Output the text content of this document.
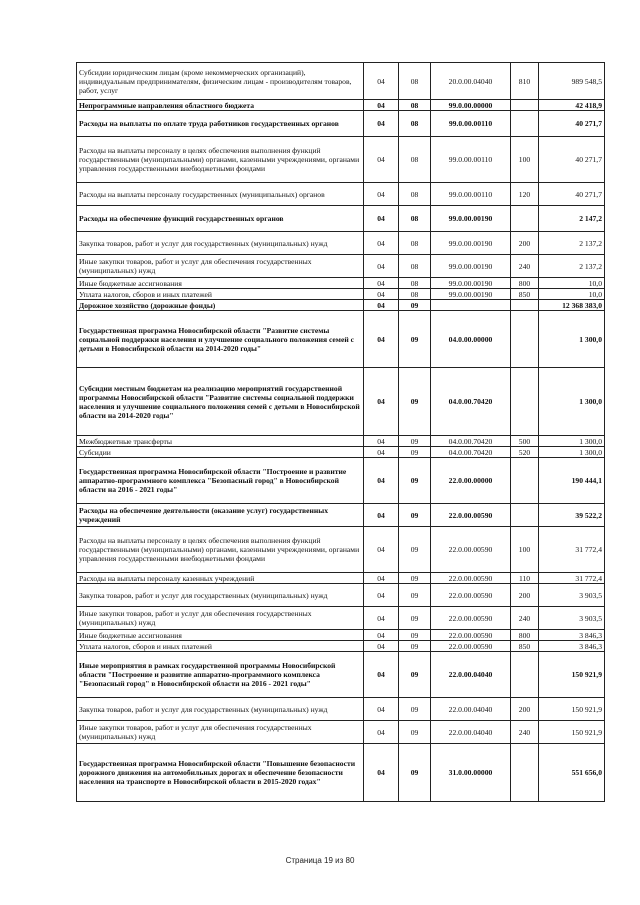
Субсидии юридическим лицам (кроме некоммерческих организаций), индивидуальным предпринимателям, физическим лицам - производителям товаров, работ, услуг	04	08	20.0.00.04040	810	989 548,5
Непрограммные направления областного бюджета	04	08	99.0.00.00000		42 418,9
Расходы на выплаты по оплате труда работников государственных органов	04	08	99.0.00.00110		40 271,7
Расходы на выплаты персоналу в целях обеспечения выполнения функций государственными (муниципальными) органами, казенными учреждениями, органами управления государственными внебюджетными фондами	04	08	99.0.00.00110	100	40 271,7
Расходы на выплаты персоналу государственных (муниципальных) органов	04	08	99.0.00.00110	120	40 271,7
Расходы на обеспечение функций государственных органов	04	08	99.0.00.00190		2 147,2
Закупка товаров, работ и услуг для государственных (муниципальных) нужд	04	08	99.0.00.00190	200	2 137,2
Иные закупки товаров, работ и услуг для обеспечения государственных (муниципальных) нужд	04	08	99.0.00.00190	240	2 137,2
Иные бюджетные ассигнования	04	08	99.0.00.00190	800	10,0
Уплата налогов, сборов и иных платежей	04	08	99.0.00.00190	850	10,0
Дорожное хозяйство (дорожные фонды)	04	09			12 368 383,0
Государственная программа Новосибирской области "Развитие системы социальной поддержки населения и улучшение социального положения семей с детьми в Новосибирской области на 2014-2020 годы"	04	09	04.0.00.00000		1 300,0
Субсидии местным бюджетам на реализацию мероприятий государственной программы Новосибирской области "Развитие системы социальной поддержки населения и улучшение социального положения семей с детьми в Новосибирской области на 2014-2020 годы"	04	09	04.0.00.70420		1 300,0
Межбюджетные трансферты	04	09	04.0.00.70420	500	1 300,0
Субсидии	04	09	04.0.00.70420	520	1 300,0
Государственная программа Новосибирской области "Построение и развитие аппаратно-программного комплекса "Безопасный город" в Новосибирской области на 2016 - 2021 годы"	04	09	22.0.00.00000		190 444,1
Расходы на обеспечение деятельности (оказание услуг) государственных учреждений	04	09	22.0.00.00590		39 522,2
Расходы на выплаты персоналу в целях обеспечения выполнения функций государственными (муниципальными) органами, казенными учреждениями, органами управления государственными внебюджетными фондами	04	09	22.0.00.00590	100	31 772,4
Расходы на выплаты персоналу казенных учреждений	04	09	22.0.00.00590	110	31 772,4
Закупка товаров, работ и услуг для государственных (муниципальных) нужд	04	09	22.0.00.00590	200	3 903,5
Иные закупки товаров, работ и услуг для обеспечения государственных (муниципальных) нужд	04	09	22.0.00.00590	240	3 903,5
Иные бюджетные ассигнования	04	09	22.0.00.00590	800	3 846,3
Уплата налогов, сборов и иных платежей	04	09	22.0.00.00590	850	3 846,3
Иные мероприятия в рамках государственной программы Новосибирской области "Построение и развитие аппаратно-программного комплекса "Безопасный город" в Новосибирской области на 2016 - 2021 годы"	04	09	22.0.00.04040		150 921,9
Закупка товаров, работ и услуг для государственных (муниципальных) нужд	04	09	22.0.00.04040	200	150 921,9
Иные закупки товаров, работ и услуг для обеспечения государственных (муниципальных) нужд	04	09	22.0.00.04040	240	150 921,9
Государственная программа Новосибирской области "Повышение безопасности дорожного движения на автомобильных дорогах и обеспечение безопасности населения на транспорте в Новосибирской области в 2015-2020 годах"	04	09	31.0.00.00000		551 656,0
Страница 19 из 80
